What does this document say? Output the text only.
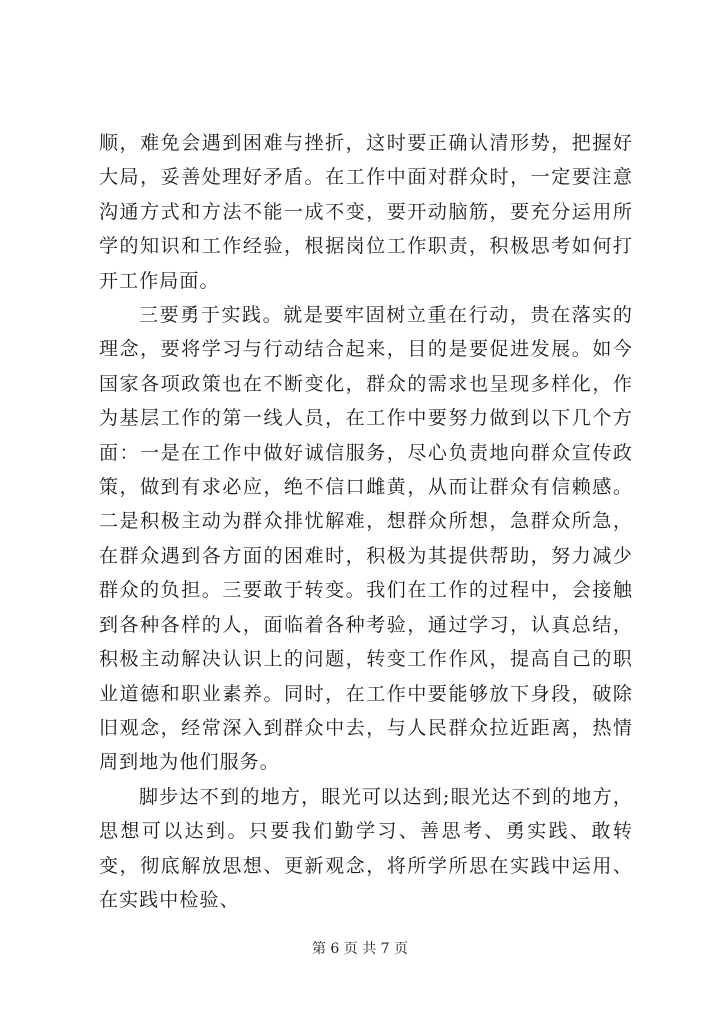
顺，难免会遇到困难与挫折，这时要正确认清形势，把握好大局，妥善处理好矛盾。在工作中面对群众时，一定要注意沟通方式和方法不能一成不变，要开动脑筋，要充分运用所学的知识和工作经验，根据岗位工作职责，积极思考如何打开工作局面。

三要勇于实践。就是要牢固树立重在行动，贵在落实的理念，要将学习与行动结合起来，目的是要促进发展。如今国家各项政策也在不断变化，群众的需求也呈现多样化，作为基层工作的第一线人员，在工作中要努力做到以下几个方面：一是在工作中做好诚信服务，尽心负责地向群众宣传政策，做到有求必应，绝不信口雌黄，从而让群众有信赖感。二是积极主动为群众排忧解难，想群众所想，急群众所急，在群众遇到各方面的困难时，积极为其提供帮助，努力减少群众的负担。三要敢于转变。我们在工作的过程中，会接触到各种各样的人，面临着各种考验，通过学习，认真总结，积极主动解决认识上的问题，转变工作作风，提高自己的职业道德和职业素养。同时，在工作中要能够放下身段，破除旧观念，经常深入到群众中去，与人民群众拉近距离，热情周到地为他们服务。

脚步达不到的地方，眼光可以达到;眼光达不到的地方，思想可以达到。只要我们勤学习、善思考、勇实践、敢转变，彻底解放思想、更新观念，将所学所思在实践中运用、在实践中检验、

第 6 页 共 7 页
